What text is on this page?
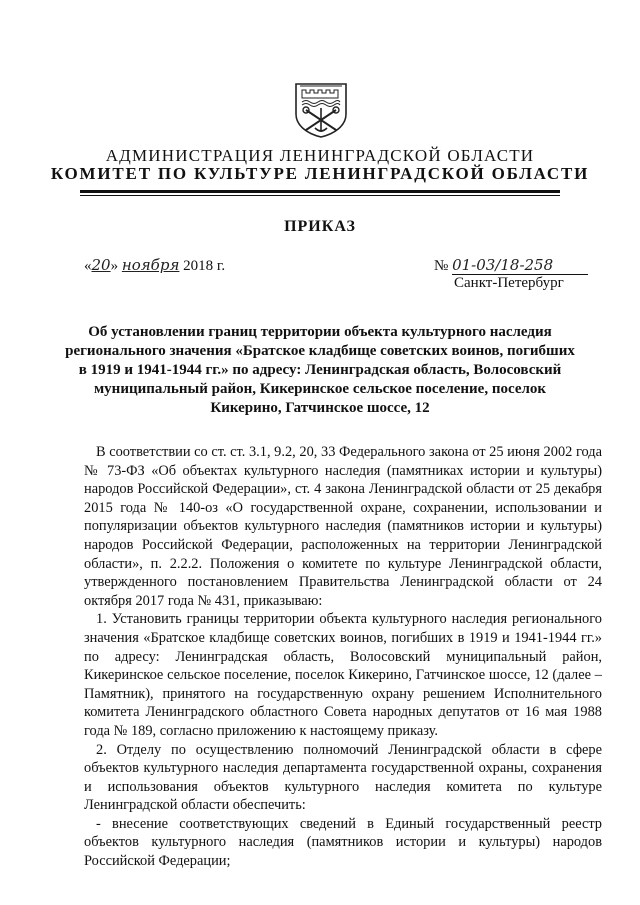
АДМИНИСТРАЦИЯ ЛЕНИНГРАДСКОЙ ОБЛАСТИ
КОМИТЕТ ПО КУЛЬТУРЕ ЛЕНИНГРАДСКОЙ ОБЛАСТИ
ПРИКАЗ
«20» ноября 2018 г.	№ 01-03/18-258
Санкт-Петербург
Об установлении границ территории объекта культурного наследия регионального значения «Братское кладбище советских воинов, погибших в 1919 и 1941-1944 гг.» по адресу: Ленинградская область, Волосовский муниципальный район, Кикеринское сельское поселение, поселок Кикерино, Гатчинское шоссе, 12

В соответствии со ст. ст. 3.1, 9.2, 20, 33 Федерального закона от 25 июня 2002 года № 73-ФЗ «Об объектах культурного наследия (памятниках истории и культуры) народов Российской Федерации», ст. 4 закона Ленинградской области от 25 декабря 2015 года № 140-оз «О государственной охране, сохранении, использовании и популяризации объектов культурного наследия (памятников истории и культуры) народов Российской Федерации, расположенных на территории Ленинградской области», п. 2.2.2. Положения о комитете по культуре Ленинградской области, утвержденного постановлением Правительства Ленинградской области от 24 октября 2017 года № 431, приказываю:

1. Установить границы территории объекта культурного наследия регионального значения «Братское кладбище советских воинов, погибших в 1919 и 1941-1944 гг.» по адресу: Ленинградская область, Волосовский муниципальный район, Кикеринское сельское поселение, поселок Кикерино, Гатчинское шоссе, 12 (далее – Памятник), принятого на государственную охрану решением Исполнительного комитета Ленинградского областного Совета народных депутатов от 16 мая 1988 года № 189, согласно приложению к настоящему приказу.

2. Отделу по осуществлению полномочий Ленинградской области в сфере объектов культурного наследия департамента государственной охраны, сохранения и использования объектов культурного наследия комитета по культуре Ленинградской области обеспечить:

- внесение соответствующих сведений в Единый государственный реестр объектов культурного наследия (памятников истории и культуры) народов Российской Федерации;
